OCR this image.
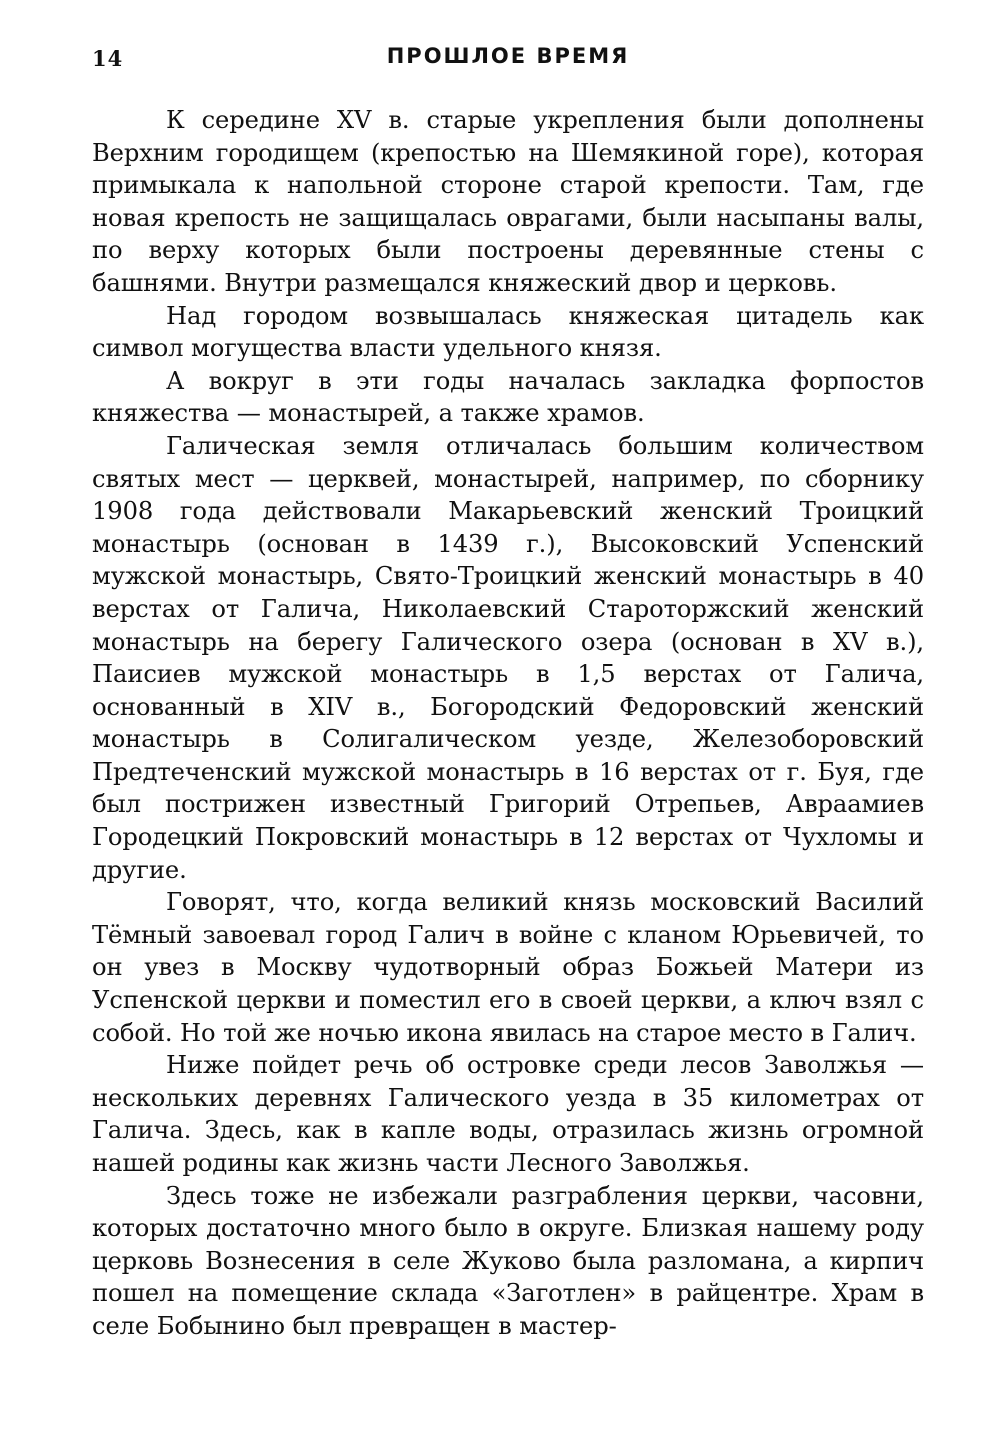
14	ПРОШЛОЕ ВРЕМЯ

К середине XV в. старые укрепления были дополнены Верхним городищем (крепостью на Шемякиной горе), которая примыкала к напольной стороне старой крепости. Там, где новая крепость не защищалась оврагами, были насыпаны валы, по верху которых были построены деревянные стены с башнями. Внутри размещался княжеский двор и церковь.

Над городом возвышалась княжеская цитадель как символ могущества власти удельного князя.

А вокруг в эти годы началась закладка форпостов княжества — монастырей, а также храмов.

Галическая земля отличалась большим количеством святых мест — церквей, монастырей, например, по сборнику 1908 года действовали Макарьевский женский Троицкий монастырь (основан в 1439 г.), Высоковский Успенский мужской монастырь, Свято-Троицкий женский монастырь в 40 верстах от Галича, Николаевский Староторжский женский монастырь на берегу Галического озера (основан в XV в.), Паисиев мужской монастырь в 1,5 верстах от Галича, основанный в XIV в., Богородский Федоровский женский монастырь в Солигалическом уезде, Железоборовский Предтеченский мужской монастырь в 16 верстах от г. Буя, где был пострижен известный Григорий Отрепьев, Авраамиев Городецкий Покровский монастырь в 12 верстах от Чухломы и другие.

Говорят, что, когда великий князь московский Василий Тёмный завоевал город Галич в войне с кланом Юрьевичей, то он увез в Москву чудотворный образ Божьей Матери из Успенской церкви и поместил его в своей церкви, а ключ взял с собой. Но той же ночью икона явилась на старое место в Галич.

Ниже пойдет речь об островке среди лесов Заволжья — нескольких деревнях Галического уезда в 35 километрах от Галича. Здесь, как в капле воды, отразилась жизнь огромной нашей родины как жизнь части Лесного Заволжья.

Здесь тоже не избежали разграбления церкви, часовни, которых достаточно много было в округе. Близкая нашему роду церковь Вознесения в селе Жуково была разломана, а кирпич пошел на помещение склада «Заготлен» в райцентре. Храм в селе Бобынино был превращен в мастер-
